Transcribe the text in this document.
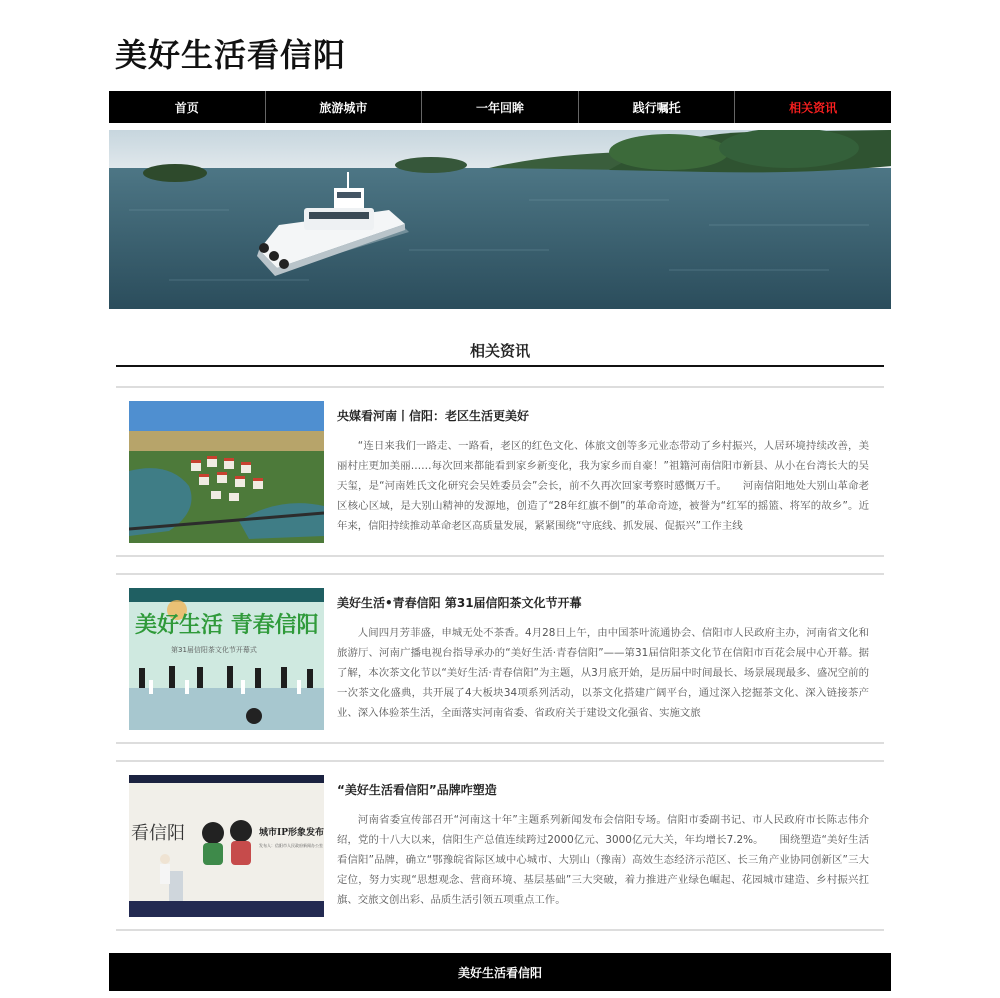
美好生活看信阳
首页	旅游城市	一年回眸	践行嘱托	相关资讯
相关资讯
央媒看河南丨信阳：老区生活更美好

“连日来我们一路走、一路看，老区的红色文化、体旅文创等多元业态带动了乡村振兴，人居环境持续改善，美丽村庄更加美丽……每次回来都能看到家乡新变化，我为家乡而自豪！”祖籍河南信阳市新县、从小在台湾长大的吴天玺，是“河南姓氏文化研究会吴姓委员会”会长，前不久再次回家考察时感慨万千。　　河南信阳地处大别山革命老区核心区域，是大别山精神的发源地，创造了“28年红旗不倒”的革命奇迹，被誉为“红军的摇篮、将军的故乡”。近年来，信阳持续推动革命老区高质量发展，紧紧围绕“守底线、抓发展、促振兴”工作主线

美好生活 青春信阳
第31届信阳茶文化节开幕式
美好生活•青春信阳 第31届信阳茶文化节开幕

人间四月芳菲盛，申城无处不茶香。4月28日上午，由中国茶叶流通协会、信阳市人民政府主办，河南省文化和旅游厅、河南广播电视台指导承办的“美好生活·青春信阳”——第31届信阳茶文化节在信阳市百花会展中心开幕。据了解，本次茶文化节以“美好生活·青春信阳”为主题，从3月底开始，是历届中时间最长、场景展现最多、盛况空前的一次茶文化盛典，共开展了4大板块34项系列活动，以茶文化搭建广阔平台，通过深入挖掘茶文化、深入链接茶产业、深入体验茶生活，全面落实河南省委、省政府关于建设文化强省、实施文旅

看信阳	城市IP形象发布
发布人：信阳市人民政府新闻办公室
“美好生活看信阳”品牌咋塑造

河南省委宣传部召开“河南这十年”主题系列新闻发布会信阳专场。信阳市委副书记、市人民政府市长陈志伟介绍，党的十八大以来，信阳生产总值连续跨过2000亿元、3000亿元大关，年均增长7.2%。　　围绕塑造“美好生活看信阳”品牌，确立“鄂豫皖省际区域中心城市、大别山（豫南）高效生态经济示范区、长三角产业协同创新区”三大定位，努力实现“思想观念、营商环境、基层基础”三大突破，着力推进产业绿色崛起、花园城市建造、乡村振兴扛旗、交旅文创出彩、品质生活引领五项重点工作。

美好生活看信阳
